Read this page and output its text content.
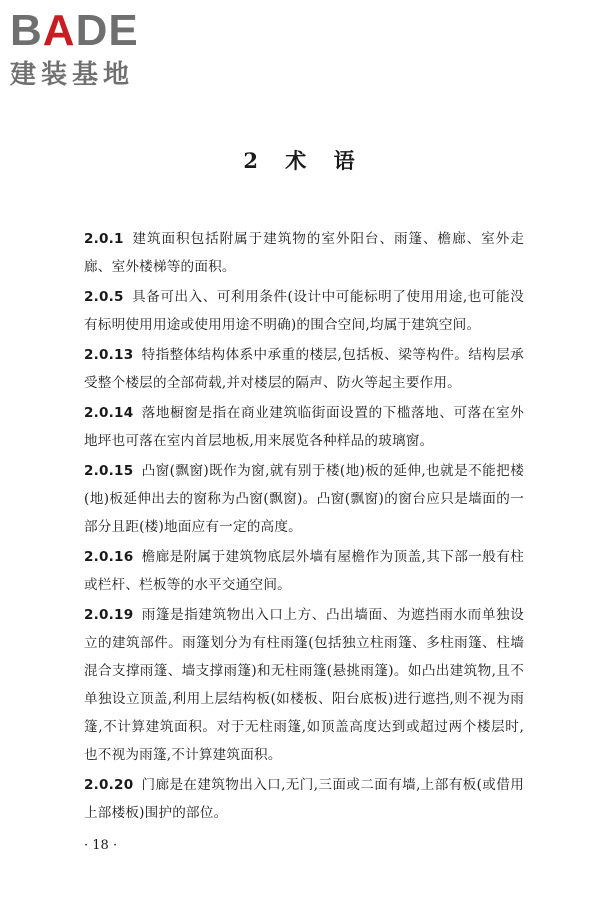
BADE
建装基地
2 术 语

2.0.1 建筑面积包括附属于建筑物的室外阳台、雨篷、檐廊、室外走廊、室外楼梯等的面积。

2.0.5 具备可出入、可利用条件(设计中可能标明了使用用途,也可能没有标明使用用途或使用用途不明确)的围合空间,均属于建筑空间。

2.0.13 特指整体结构体系中承重的楼层,包括板、梁等构件。结构层承受整个楼层的全部荷载,并对楼层的隔声、防火等起主要作用。

2.0.14 落地橱窗是指在商业建筑临街面设置的下槛落地、可落在室外地坪也可落在室内首层地板,用来展览各种样品的玻璃窗。

2.0.15 凸窗(飘窗)既作为窗,就有别于楼(地)板的延伸,也就是不能把楼(地)板延伸出去的窗称为凸窗(飘窗)。凸窗(飘窗)的窗台应只是墙面的一部分且距(楼)地面应有一定的高度。

2.0.16 檐廊是附属于建筑物底层外墙有屋檐作为顶盖,其下部一般有柱或栏杆、栏板等的水平交通空间。

2.0.19 雨篷是指建筑物出入口上方、凸出墙面、为遮挡雨水而单独设立的建筑部件。雨篷划分为有柱雨篷(包括独立柱雨篷、多柱雨篷、柱墙混合支撑雨篷、墙支撑雨篷)和无柱雨篷(悬挑雨篷)。如凸出建筑物,且不单独设立顶盖,利用上层结构板(如楼板、阳台底板)进行遮挡,则不视为雨篷,不计算建筑面积。对于无柱雨篷,如顶盖高度达到或超过两个楼层时,也不视为雨篷,不计算建筑面积。

2.0.20 门廊是在建筑物出入口,无门,三面或二面有墙,上部有板(或借用上部楼板)围护的部位。

· 18 ·
